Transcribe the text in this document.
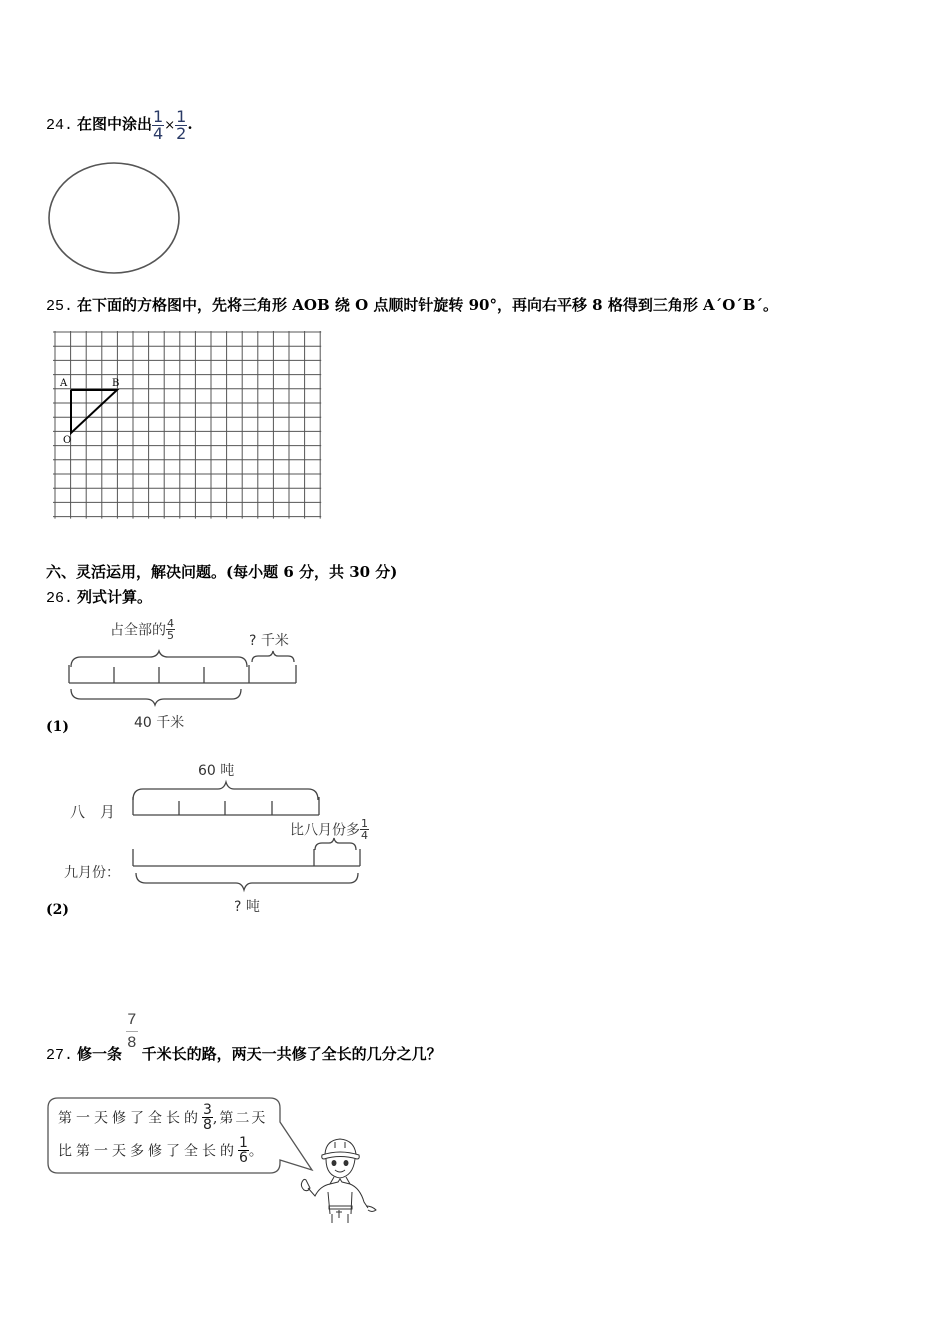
24. 在图中涂出 $\frac{1}{4} \times \frac{1}{2}$ .
25. 在下面的方格图中，先将三角形 AOB 绕 O 点顺时针旋转 90°，再向右平移 8 格得到三角形 A´O´B´。
A	B
O
六、灵活运用，解决问题。(每小题 6 分，共 30 分)
26. 列式计算。
占全部的 $\frac{4}{5}$	? 千米
40 千米
(1)
60 吨
八　月
比八月份多 $\frac{1}{4}$
九月份：
? 吨
(2)
27. 修一条
$\frac{7}{8}$
千米长的路，两天一共修了全长的几分之几？
第一天修了全长的 $\frac{3}{8}$ ,第二天
比第一天多修了全长的 $\frac{1}{6}$ 。
